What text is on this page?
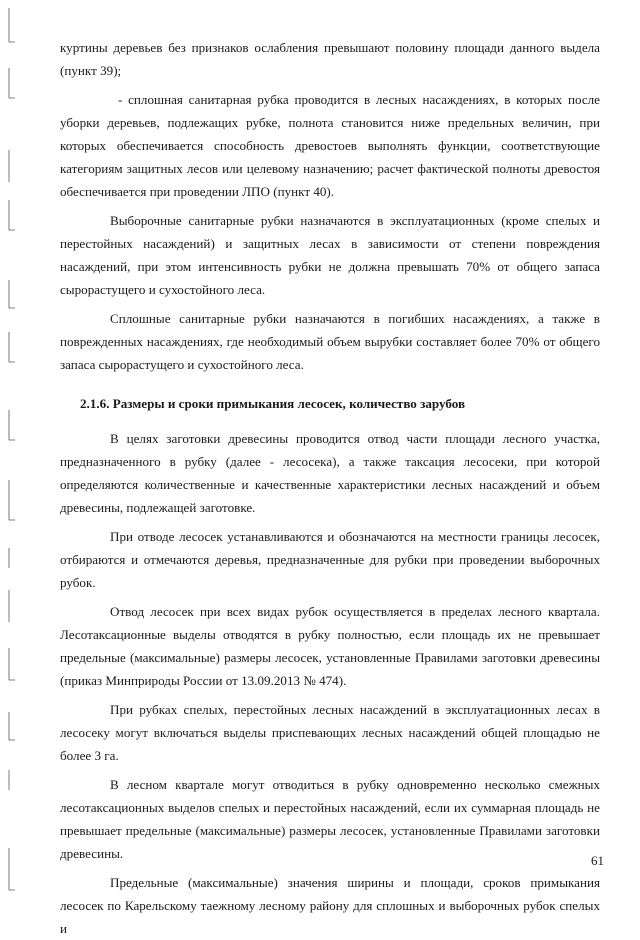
куртины деревьев без признаков ослабления превышают половину площади данного выдела (пункт 39);

- сплошная санитарная рубка проводится в лесных насаждениях, в которых после уборки деревьев, подлежащих рубке, полнота становится ниже предельных величин, при которых обеспечивается способность древостоев выполнять функции, соответствующие категориям защитных лесов или целевому назначению; расчет фактической полноты древостоя обеспечивается при проведении ЛПО (пункт 40).

Выборочные санитарные рубки назначаются в эксплуатационных (кроме спелых и перестойных насаждений) и защитных лесах в зависимости от степени повреждения насаждений, при этом интенсивность рубки не должна превышать 70% от общего запаса сырорастущего и сухостойного леса.

Сплошные санитарные рубки назначаются в погибших насаждениях, а также в поврежденных насаждениях, где необходимый объем вырубки составляет более 70% от общего запаса сырорастущего и сухостойного леса.

2.1.6. Размеры и сроки примыкания лесосек, количество зарубов

В целях заготовки древесины проводится отвод части площади лесного участка, предназначенного в рубку (далее - лесосека), а также таксация лесосеки, при которой определяются количественные и качественные характеристики лесных насаждений и объем древесины, подлежащей заготовке.

При отводе лесосек устанавливаются и обозначаются на местности границы лесосек, отбираются и отмечаются деревья, предназначенные для рубки при проведении выборочных рубок.

Отвод лесосек при всех видах рубок осуществляется в пределах лесного квартала. Лесотаксационные выделы отводятся в рубку полностью, если площадь их не превышает предельные (максимальные) размеры лесосек, установленные Правилами заготовки древесины (приказ Минприроды России от 13.09.2013 № 474).

При рубках спелых, перестойных лесных насаждений в эксплуатационных лесах в лесосеку могут включаться выделы приспевающих лесных насаждений общей площадью не более 3 га.

В лесном квартале могут отводиться в рубку одновременно несколько смежных лесотаксационных выделов спелых и перестойных насаждений, если их суммарная площадь не превышает предельные (максимальные) размеры лесосек, установленные Правилами заготовки древесины.

Предельные (максимальные) значения ширины и площади, сроков примыкания лесосек по Карельскому таежному лесному району для сплошных и выборочных рубок спелых и

61
